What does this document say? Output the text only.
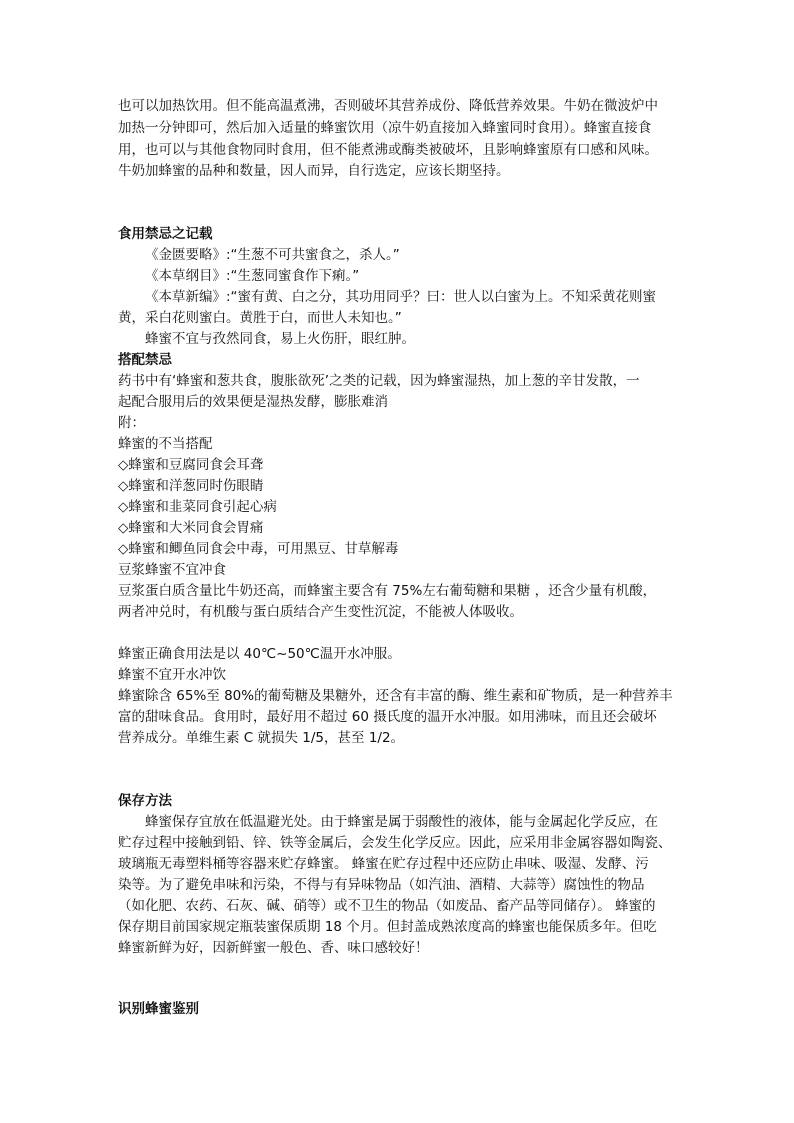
也可以加热饮用。但不能高温煮沸，否则破坏其营养成份、降低营养效果。牛奶在微波炉中
加热一分钟即可，然后加入适量的蜂蜜饮用（凉牛奶直接加入蜂蜜同时食用）。蜂蜜直接食
用，也可以与其他食物同时食用，但不能煮沸或酶类被破坏，且影响蜂蜜原有口感和风味。
牛奶加蜂蜜的品种和数量，因人而异，自行选定，应该长期坚持。
食用禁忌之记载
《金匮要略》:“生葱不可共蜜食之，杀人。”
《本草纲目》:“生葱同蜜食作下痢。”
《本草新编》:“蜜有黄、白之分，其功用同乎？曰：世人以白蜜为上。不知采黄花则蜜
黄，采白花则蜜白。黄胜于白，而世人未知也。”
蜂蜜不宜与孜然同食，易上火伤肝，眼红肿。
搭配禁忌
药书中有‘蜂蜜和葱共食，腹胀欲死’之类的记载，因为蜂蜜湿热，加上葱的辛甘发散，一
起配合服用后的效果便是湿热发酵，膨胀难消
附：
蜂蜜的不当搭配
◇蜂蜜和豆腐同食会耳聋
◇蜂蜜和洋葱同时伤眼睛
◇蜂蜜和韭菜同食引起心病
◇蜂蜜和大米同食会胃痛
◇蜂蜜和鲫鱼同食会中毒，可用黑豆、甘草解毒
豆浆蜂蜜不宜冲食
豆浆蛋白质含量比牛奶还高，而蜂蜜主要含有 75%左右葡萄糖和果糖 ，还含少量有机酸，
两者冲兑时，有机酸与蛋白质结合产生变性沉淀，不能被人体吸收。
蜂蜜正确食用法是以 40℃~50℃温开水冲服。
蜂蜜不宜开水冲饮
蜂蜜除含 65%至 80%的葡萄糖及果糖外，还含有丰富的酶、维生素和矿物质，是一种营养丰
富的甜味食品。食用时，最好用不超过 60 摄氏度的温开水冲服。如用沸味，而且还会破坏
营养成分。单维生素 C 就损失 1/5，甚至 1/2。
保存方法
蜂蜜保存宜放在低温避光处。由于蜂蜜是属于弱酸性的液体，能与金属起化学反应，在
贮存过程中接触到铅、锌、铁等金属后，会发生化学反应。因此，应采用非金属容器如陶瓷、
玻璃瓶无毒塑料桶等容器来贮存蜂蜜。 蜂蜜在贮存过程中还应防止串味、吸湿、发酵、污
染等。为了避免串味和污染，不得与有异味物品（如汽油、酒精、大蒜等）腐蚀性的物品
（如化肥、农药、石灰、碱、硝等）或不卫生的物品（如废品、畜产品等同储存）。 蜂蜜的
保存期目前国家规定瓶装蜜保质期 18 个月。但封盖成熟浓度高的蜂蜜也能保质多年。但吃
蜂蜜新鲜为好，因新鲜蜜一般色、香、味口感较好！
识别蜂蜜鉴别
